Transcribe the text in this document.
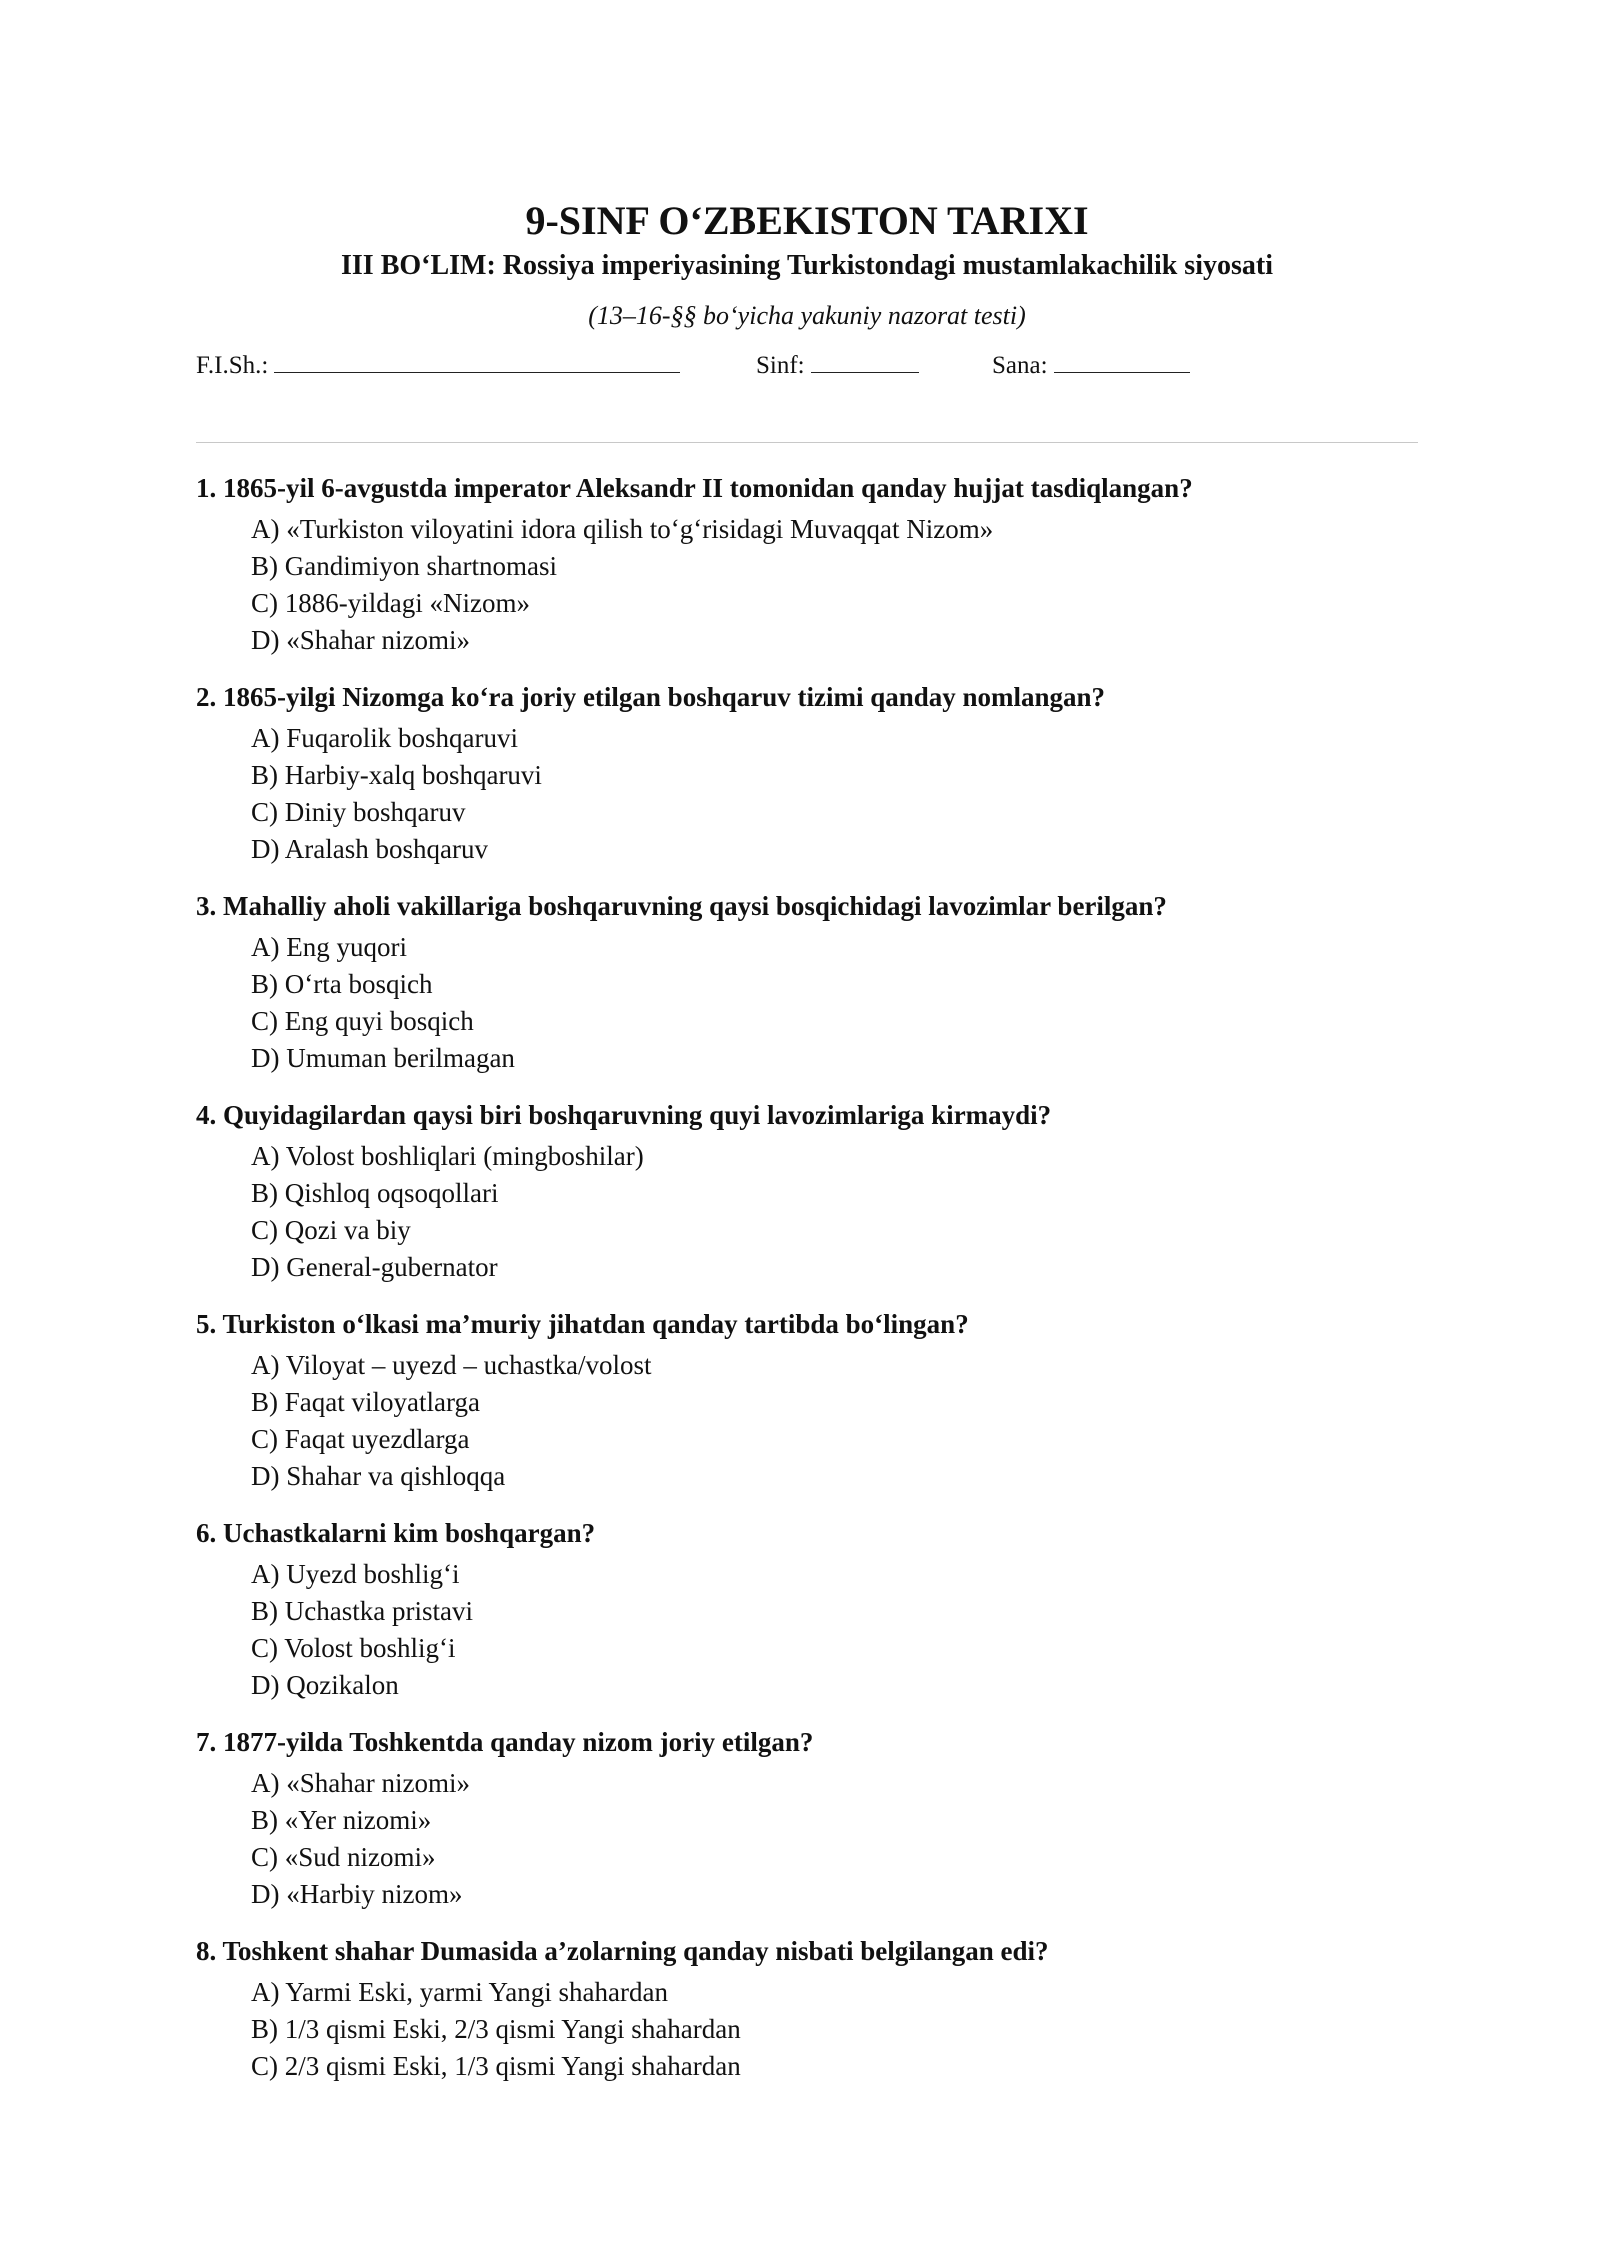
9-SINF O‘ZBEKISTON TARIXI
III BO‘LIM: Rossiya imperiyasining Turkistondagi mustamlakachilik siyosati
(13–16-§§ bo‘yicha yakuniy nazorat testi)
F.I.Sh.:	Sinf:	Sana:
1. 1865-yil 6-avgustda imperator Aleksandr II tomonidan qanday hujjat tasdiqlangan?
A) «Turkiston viloyatini idora qilish to‘g‘risidagi Muvaqqat Nizom»
B) Gandimiyon shartnomasi
C) 1886-yildagi «Nizom»
D) «Shahar nizomi»
2. 1865-yilgi Nizomga ko‘ra joriy etilgan boshqaruv tizimi qanday nomlangan?
A) Fuqarolik boshqaruvi
B) Harbiy-xalq boshqaruvi
C) Diniy boshqaruv
D) Aralash boshqaruv
3. Mahalliy aholi vakillariga boshqaruvning qaysi bosqichidagi lavozimlar berilgan?
A) Eng yuqori
B) O‘rta bosqich
C) Eng quyi bosqich
D) Umuman berilmagan
4. Quyidagilardan qaysi biri boshqaruvning quyi lavozimlariga kirmaydi?
A) Volost boshliqlari (mingboshilar)
B) Qishloq oqsoqollari
C) Qozi va biy
D) General-gubernator
5. Turkiston o‘lkasi ma’muriy jihatdan qanday tartibda bo‘lingan?
A) Viloyat – uyezd – uchastka/volost
B) Faqat viloyatlarga
C) Faqat uyezdlarga
D) Shahar va qishloqqa
6. Uchastkalarni kim boshqargan?
A) Uyezd boshlig‘i
B) Uchastka pristavi
C) Volost boshlig‘i
D) Qozikalon
7. 1877-yilda Toshkentda qanday nizom joriy etilgan?
A) «Shahar nizomi»
B) «Yer nizomi»
C) «Sud nizomi»
D) «Harbiy nizom»
8. Toshkent shahar Dumasida a’zolarning qanday nisbati belgilangan edi?
A) Yarmi Eski, yarmi Yangi shahardan
B) 1/3 qismi Eski, 2/3 qismi Yangi shahardan
C) 2/3 qismi Eski, 1/3 qismi Yangi shahardan
